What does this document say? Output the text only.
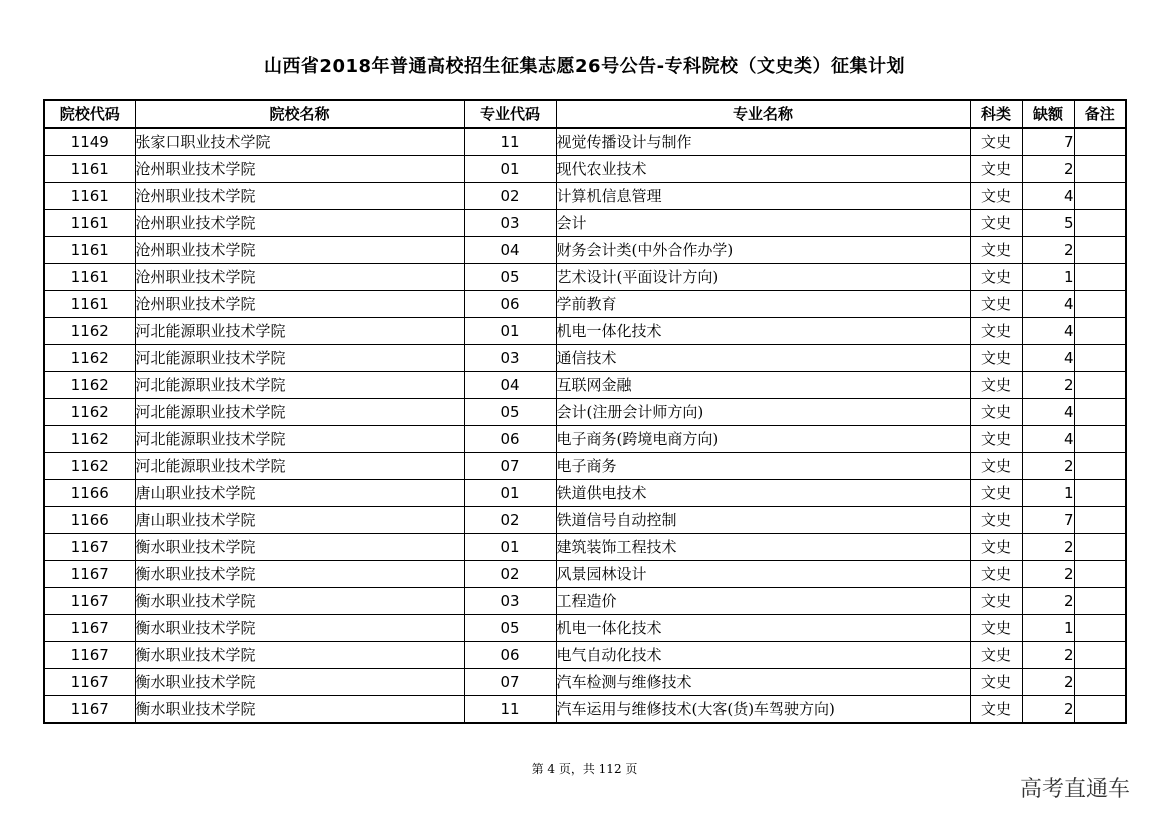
山西省2018年普通高校招生征集志愿26号公告-专科院校（文史类）征集计划
院校代码	院校名称	专业代码	专业名称	科类	缺额	备注
1149	张家口职业技术学院	11	视觉传播设计与制作	文史	7	
1161	沧州职业技术学院	01	现代农业技术	文史	2	
1161	沧州职业技术学院	02	计算机信息管理	文史	4	
1161	沧州职业技术学院	03	会计	文史	5	
1161	沧州职业技术学院	04	财务会计类(中外合作办学)	文史	2	
1161	沧州职业技术学院	05	艺术设计(平面设计方向)	文史	1	
1161	沧州职业技术学院	06	学前教育	文史	4	
1162	河北能源职业技术学院	01	机电一体化技术	文史	4	
1162	河北能源职业技术学院	03	通信技术	文史	4	
1162	河北能源职业技术学院	04	互联网金融	文史	2	
1162	河北能源职业技术学院	05	会计(注册会计师方向)	文史	4	
1162	河北能源职业技术学院	06	电子商务(跨境电商方向)	文史	4	
1162	河北能源职业技术学院	07	电子商务	文史	2	
1166	唐山职业技术学院	01	铁道供电技术	文史	1	
1166	唐山职业技术学院	02	铁道信号自动控制	文史	7	
1167	衡水职业技术学院	01	建筑装饰工程技术	文史	2	
1167	衡水职业技术学院	02	风景园林设计	文史	2	
1167	衡水职业技术学院	03	工程造价	文史	2	
1167	衡水职业技术学院	05	机电一体化技术	文史	1	
1167	衡水职业技术学院	06	电气自动化技术	文史	2	
1167	衡水职业技术学院	07	汽车检测与维修技术	文史	2	
1167	衡水职业技术学院	11	汽车运用与维修技术(大客(货)车驾驶方向)	文史	2	
第 4 页，共 112 页
高考直通车
